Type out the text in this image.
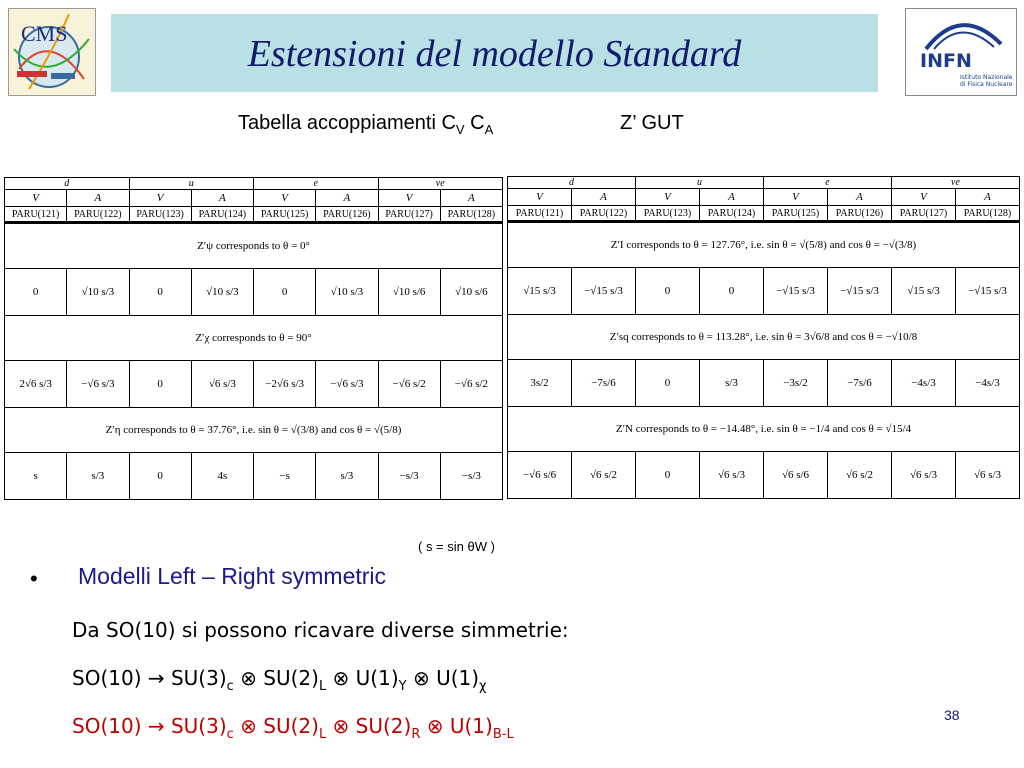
CMS	Estensioni del modello Standard	INFN
Istituto Nazionale
di Fisica Nucleare
Tabella accoppiamenti $C_V$ $C_A$	Z’ GUT
d		u		e		νe	
V	A	V	A	V	A	V	A
PARU(121)	PARU(122)	PARU(123)	PARU(124)	PARU(125)	PARU(126)	PARU(127)	PARU(128)
Z′ψ corresponds to θ = 0°							
0	√10 s/3	0	√10 s/3	0	√10 s/3	√10 s/6	√10 s/6
Z′χ corresponds to θ = 90°							
2√6 s/3	−√6 s/3	0	√6 s/3	−2√6 s/3	−√6 s/3	−√6 s/2	−√6 s/2
Z′η corresponds to θ = 37.76°, i.e. sin θ = √(3/8) and cos θ = √(5/8)							
s	s/3	0	4s	−s	s/3	−s/3	−s/3
d		u		e		νe	
V	A	V	A	V	A	V	A
PARU(121)	PARU(122)	PARU(123)	PARU(124)	PARU(125)	PARU(126)	PARU(127)	PARU(128)
Z′I corresponds to θ = 127.76°, i.e. sin θ = √(5/8) and cos θ = −√(3/8)							
√15 s/3	−√15 s/3	0	0	−√15 s/3	−√15 s/3	√15 s/3	−√15 s/3
Z′sq corresponds to θ = 113.28°, i.e. sin θ = 3√6/8 and cos θ = −√10/8							
3s/2	−7s/6	0	s/3	−3s/2	−7s/6	−4s/3	−4s/3
Z′N corresponds to θ = −14.48°, i.e. sin θ = −1/4 and cos θ = √15/4							
−√6 s/6	√6 s/2	0	√6 s/3	√6 s/6	√6 s/2	√6 s/3	√6 s/3
( s = sin θW )
• Modelli Left – Right symmetric
Da SO(10) si possono ricavare diverse simmetrie:
$SO(10) \to SU(3)_c$ ⊗ $SU(2)_L$ ⊗ $U(1)_Y$ ⊗ $U(1)_\chi$
$SO(10) \to SU(3)_c$ ⊗ $SU(2)_L$ ⊗ $SU(2)_R$ ⊗ $U(1)_{B-L}$
38
